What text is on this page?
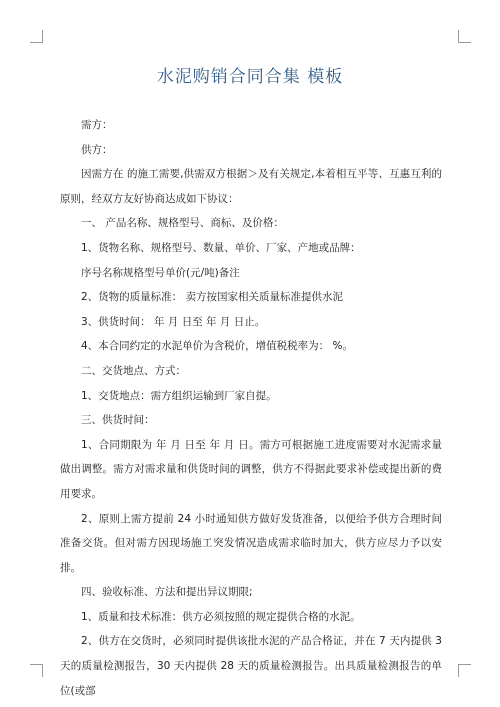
水泥购销合同合集 模板

需方：

供方：

因需方在 的施工需要,供需双方根据＞及有关规定,本着相互平等、互惠互利的原则，经双方友好协商达成如下协议：

一、 产品名称、规格型号、商标、及价格：

1、货物名称、规格型号、数量、单价、厂家、产地或品牌：

序号名称规格型号单价(元/吨)备注

2、货物的质量标准： 卖方按国家相关质量标准提供水泥

3、供货时间： 年 月 日至 年 月 日止。

4、本合同约定的水泥单价为含税价，增值税税率为： %。

二、交货地点、方式：

1、交货地点：需方组织运输到厂家自提。

三、供货时间：

1、合同期限为 年 月 日至 年 月 日。需方可根据施工进度需要对水泥需求量做出调整。需方对需求量和供货时间的调整，供方不得据此要求补偿或提出新的费用要求。

2、原则上需方提前 24 小时通知供方做好发货准备，以便给予供方合理时间准备交货。但对需方因现场施工突发情况造成需求临时加大，供方应尽力予以安排。

四、验收标准、方法和提出异议期限;

1、质量和技术标准：供方必须按照的规定提供合格的水泥。

2、供方在交货时，必须同时提供该批水泥的产品合格证，并在 7 天内提供 3 天的质量检测报告，30 天内提供 28 天的质量检测报告。出具质量检测报告的单位(或部
